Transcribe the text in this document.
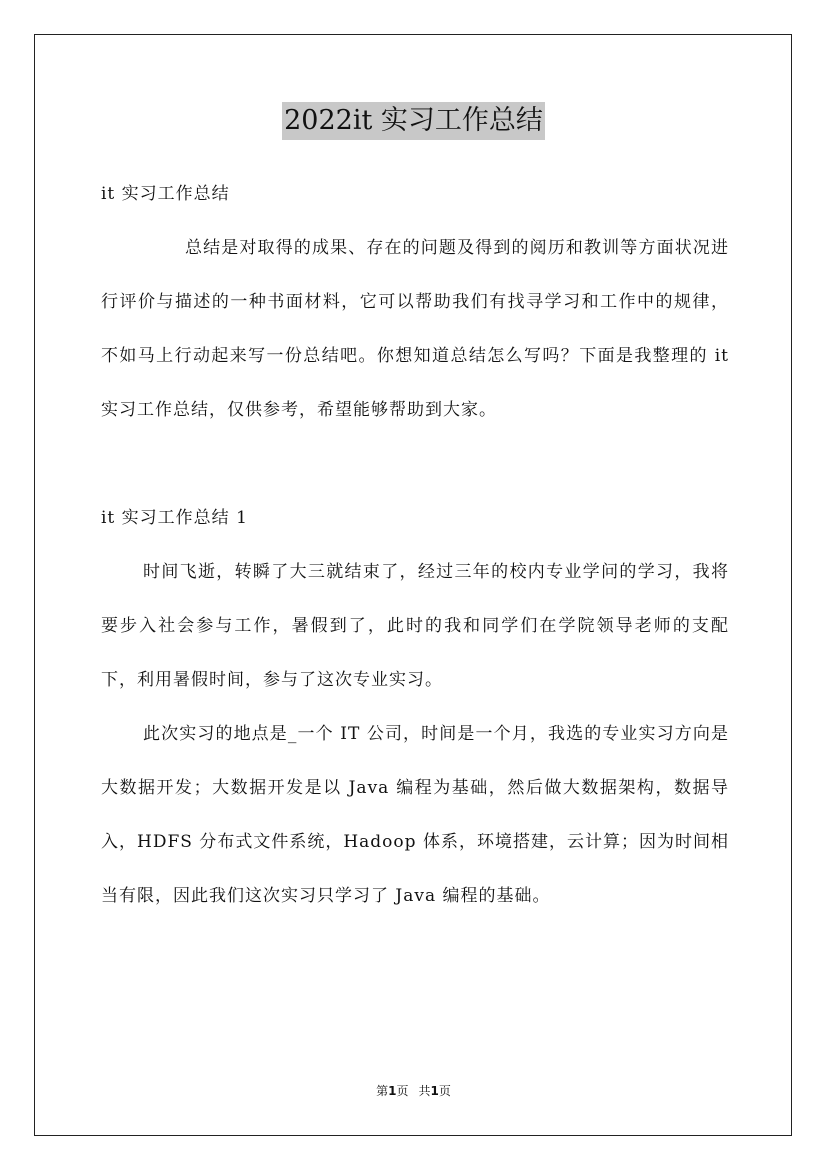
2022it 实习工作总结

it 实习工作总结

总结是对取得的成果、存在的问题及得到的阅历和教训等方面状况进行评价与描述的一种书面材料，它可以帮助我们有找寻学习和工作中的规律，不如马上行动起来写一份总结吧。你想知道总结怎么写吗？下面是我整理的 it 实习工作总结，仅供参考，希望能够帮助到大家。

it 实习工作总结 1

时间飞逝，转瞬了大三就结束了，经过三年的校内专业学问的学习，我将要步入社会参与工作，暑假到了，此时的我和同学们在学院领导老师的支配下，利用暑假时间，参与了这次专业实习。

此次实习的地点是_一个 IT 公司，时间是一个月，我选的专业实习方向是大数据开发；大数据开发是以 Java 编程为基础，然后做大数据架构，数据导入，HDFS 分布式文件系统，Hadoop 体系，环境搭建，云计算；因为时间相当有限，因此我们这次实习只学习了 Java 编程的基础。

第1页 共1页
